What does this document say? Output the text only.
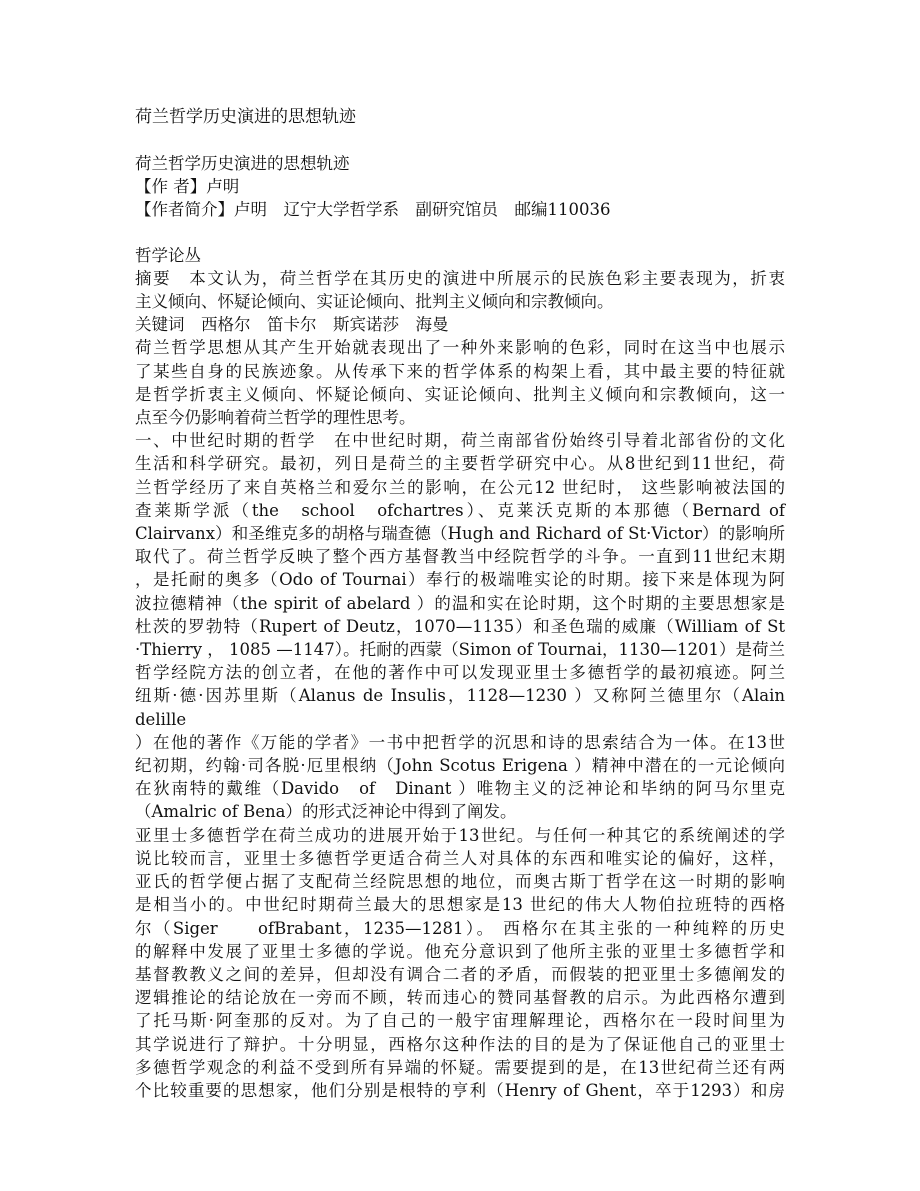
荷兰哲学历史演进的思想轨迹

荷兰哲学历史演进的思想轨迹

【作 者】卢明

【作者简介】卢明　辽宁大学哲学系　副研究馆员　邮编110036

哲学论丛

摘要　本文认为，荷兰哲学在其历史的演进中所展示的民族色彩主要表现为，折衷

主义倾向、怀疑论倾向、实证论倾向、批判主义倾向和宗教倾向。

关键词　西格尔　笛卡尔　斯宾诺莎　海曼

荷兰哲学思想从其产生开始就表现出了一种外来影响的色彩，同时在这当中也展示

了某些自身的民族迹象。从传承下来的哲学体系的构架上看，其中最主要的特征就

是哲学折衷主义倾向、怀疑论倾向、实证论倾向、批判主义倾向和宗教倾向，这一

点至今仍影响着荷兰哲学的理性思考。

一、中世纪时期的哲学　在中世纪时期，荷兰南部省份始终引导着北部省份的文化

生活和科学研究。最初，列日是荷兰的主要哲学研究中心。从8世纪到11世纪，荷

兰哲学经历了来自英格兰和爱尔兰的影响，在公元12 世纪时， 这些影响被法国的

查莱斯学派（the　school　ofchartres）、克莱沃克斯的本那德（Bernard of

Clairvanx）和圣维克多的胡格与瑞查德（Hugh and Richard of St·Victor）的影响所

取代了。荷兰哲学反映了整个西方基督教当中经院哲学的斗争。一直到11世纪末期

，是托耐的奥多（Odo of Tournai）奉行的极端唯实论的时期。接下来是体现为阿

波拉德精神（the spirit of abelard ）的温和实在论时期，这个时期的主要思想家是

杜茨的罗勃特（Rupert of Deutz，1070—1135）和圣色瑞的威廉（William of St

·Thierry ， 1085 —1147）。托耐的西蒙（Simon of Tournai，1130—1201）是荷兰

哲学经院方法的创立者，在他的著作中可以发现亚里士多德哲学的最初痕迹。阿兰

纽斯·德·因苏里斯（Alanus de Insulis，1128—1230 ）又称阿兰德里尔（Alain delille

）在他的著作《万能的学者》一书中把哲学的沉思和诗的思索结合为一体。在13世

纪初期，约翰·司各脱·厄里根纳（John Scotus Erigena ）精神中潜在的一元论倾向

在狄南特的戴维（Davido　of　Dinant ）唯物主义的泛神论和毕纳的阿马尔里克

（Amalric of Bena）的形式泛神论中得到了阐发。

亚里士多德哲学在荷兰成功的进展开始于13世纪。与任何一种其它的系统阐述的学

说比较而言，亚里士多德哲学更适合荷兰人对具体的东西和唯实论的偏好，这样，

亚氏的哲学便占据了支配荷兰经院思想的地位，而奥古斯丁哲学在这一时期的影响

是相当小的。中世纪时期荷兰最大的思想家是13 世纪的伟大人物伯拉班特的西格

尔（Siger　　ofBrabant，1235—1281）。 西格尔在其主张的一种纯粹的历史

的解释中发展了亚里士多德的学说。他充分意识到了他所主张的亚里士多德哲学和

基督教教义之间的差异，但却没有调合二者的矛盾，而假装的把亚里士多德阐发的

逻辑推论的结论放在一旁而不顾，转而违心的赞同基督教的启示。为此西格尔遭到

了托马斯·阿奎那的反对。为了自己的一般宇宙理解理论，西格尔在一段时间里为

其学说进行了辩护。十分明显，西格尔这种作法的目的是为了保证他自己的亚里士

多德哲学观念的利益不受到所有异端的怀疑。需要提到的是，在13世纪荷兰还有两

个比较重要的思想家，他们分别是根特的亨利（Henry of Ghent，卒于1293）和房
